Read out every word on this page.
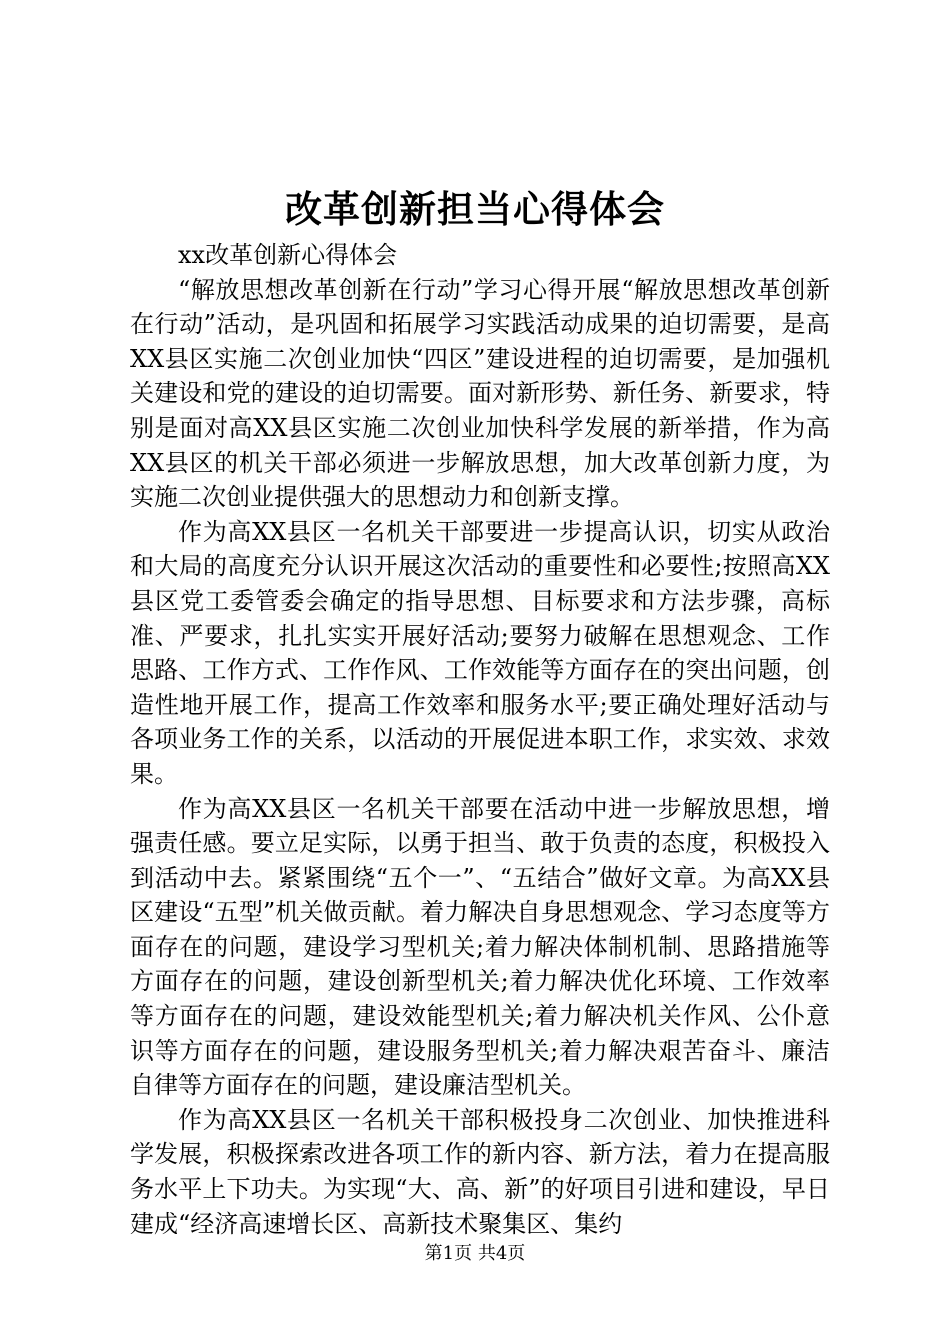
改革创新担当心得体会

xx改革创新心得体会

“解放思想改革创新在行动”学习心得开展“解放思想改革创新在行动”活动，是巩固和拓展学习实践活动成果的迫切需要，是高XX县区实施二次创业加快“四区”建设进程的迫切需要，是加强机关建设和党的建设的迫切需要。面对新形势、新任务、新要求，特别是面对高XX县区实施二次创业加快科学发展的新举措，作为高XX县区的机关干部必须进一步解放思想，加大改革创新力度，为实施二次创业提供强大的思想动力和创新支撑。

作为高XX县区一名机关干部要进一步提高认识，切实从政治和大局的高度充分认识开展这次活动的重要性和必要性;按照高XX县区党工委管委会确定的指导思想、目标要求和方法步骤，高标准、严要求，扎扎实实开展好活动;要努力破解在思想观念、工作思路、工作方式、工作作风、工作效能等方面存在的突出问题，创造性地开展工作，提高工作效率和服务水平;要正确处理好活动与各项业务工作的关系，以活动的开展促进本职工作，求实效、求效果。

作为高XX县区一名机关干部要在活动中进一步解放思想，增强责任感。要立足实际，以勇于担当、敢于负责的态度，积极投入到活动中去。紧紧围绕“五个一”、“五结合”做好文章。为高XX县区建设“五型”机关做贡献。着力解决自身思想观念、学习态度等方面存在的问题，建设学习型机关;着力解决体制机制、思路措施等方面存在的问题，建设创新型机关;着力解决优化环境、工作效率等方面存在的问题，建设效能型机关;着力解决机关作风、公仆意识等方面存在的问题，建设服务型机关;着力解决艰苦奋斗、廉洁自律等方面存在的问题，建设廉洁型机关。

作为高XX县区一名机关干部积极投身二次创业、加快推进科学发展，积极探索改进各项工作的新内容、新方法，着力在提高服务水平上下功夫。为实现“大、高、新”的好项目引进和建设，早日建成“经济高速增长区、高新技术聚集区、集约

第1页 共4页
